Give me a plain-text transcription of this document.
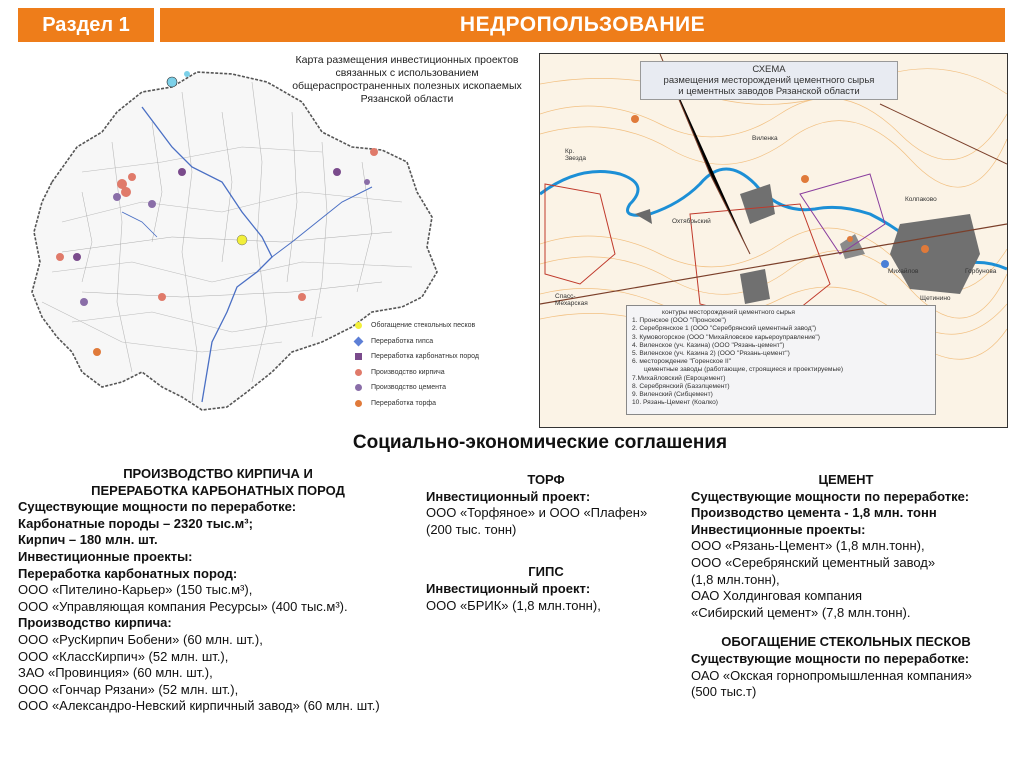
Раздел 1	НЕДРОПОЛЬЗОВАНИЕ
Карта размещения инвестиционных проектов
связанных с использованием
общераспространенных полезных ископаемых
Рязанской области
Обогащение стекольных песков
Переработка гипса
Переработка карбонатных пород
Производство кирпича
Производство цемента
Переработка торфа
СХЕМА
размещения месторождений цементного сырья
и цементных заводов Рязанской области
Кр. Звезда
Охтябрьский
Виленка
Колпаково
Михайлов	Горбунова
Щетинино
Спасс-Мехарская
контуры месторождений цементного сырья
1. Пронское (ООО "Пронское")
2. Серебрянское 1 (ООО "Серебрянский цементный завод")
3. Кумовогорское (ООО "Михайловское карьероуправление")
4. Виленское (уч. Казина) (ООО "Рязань-цемент")
5. Виленское (уч. Казина 2) (ООО "Рязань-цемент")
6. месторождение "Горенское II"
цементные заводы (работающие, строящиеся и проектируемые)
7.Михайловский (Евроцемент)
8. Серебрянский (Базэлцемент)
9. Виленский (Сибцемент)
10. Рязань-Цемент (Коалко)
Социально-экономические соглашения

ПРОИЗВОДСТВО КИРПИЧА И

ПЕРЕРАБОТКА КАРБОНАТНЫХ ПОРОД

Существующие мощности по переработке:

Карбонатные породы – 2320 тыс.м³;

Кирпич – 180 млн. шт.

Инвестиционные проекты:

Переработка карбонатных пород:

ООО «Пителино-Карьер» (150 тыс.м³),

ООО «Управляющая компания Ресурсы» (400 тыс.м³).

Производство кирпича:

ООО «РусКирпич Бобени» (60 млн. шт.),

ООО «КлассКирпич» (52 млн. шт.),

ЗАО «Провинция» (60 млн. шт.),

ООО «Гончар Рязани» (52 млн. шт.),

ООО «Александро-Невский кирпичный завод» (60 млн. шт.)

ТОРФ

Инвестиционный проект:

ООО «Торфяное» и ООО «Плафен»

(200 тыс. тонн)

ГИПС

Инвестиционный проект:

ООО «БРИК» (1,8 млн.тонн),

ЦЕМЕНТ

Существующие мощности по переработке:

Производство цемента - 1,8 млн. тонн

Инвестиционные проекты:

ООО «Рязань-Цемент» (1,8 млн.тонн),

ООО «Серебрянский цементный завод»

(1,8 млн.тонн),

ОАО Холдинговая компания

«Сибирский цемент» (7,8 млн.тонн).

ОБОГАЩЕНИЕ СТЕКОЛЬНЫХ ПЕСКОВ

Существующие мощности по переработке:

ОАО «Окская горнопромышленная компания»

(500 тыс.т)
